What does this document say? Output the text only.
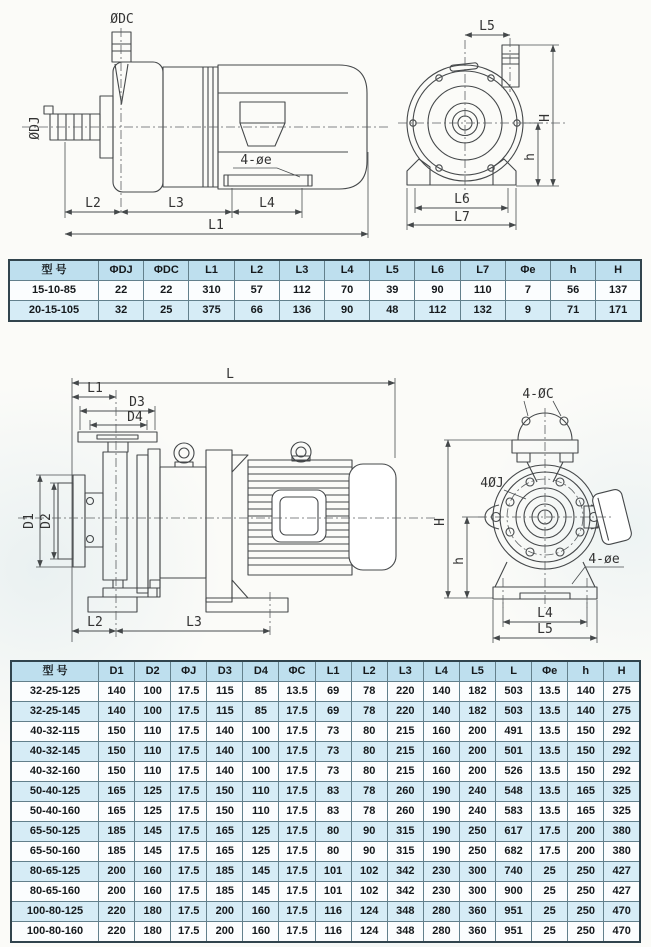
ØDC
ØDJ
4-øe
L2	L3	L4
L1
L5
H
h
L6
L7
型 号	ΦDJ	ΦDC	L1	L2	L3	L4	L5	L6	L7	Φe	h	H
15-10-85	22	22	310	57	112	70	39	90	110	7	56	137
20-15-105	32	25	375	66	136	90	48	112	132	9	71	171
L
L1
D3
D4
D1 D2
L2	L3
4-ØC
4ØJ
4-øe
H
h
L4
L5
型 号	D1	D2	ΦJ	D3	D4	ΦC	L1	L2	L3	L4	L5	L	Φe	h	H
32-25-125	140	100	17.5	115	85	13.5	69	78	220	140	182	503	13.5	140	275
32-25-145	140	100	17.5	115	85	17.5	69	78	220	140	182	503	13.5	140	275
40-32-115	150	110	17.5	140	100	17.5	73	80	215	160	200	491	13.5	150	292
40-32-145	150	110	17.5	140	100	17.5	73	80	215	160	200	501	13.5	150	292
40-32-160	150	110	17.5	140	100	17.5	73	80	215	160	200	526	13.5	150	292
50-40-125	165	125	17.5	150	110	17.5	83	78	260	190	240	548	13.5	165	325
50-40-160	165	125	17.5	150	110	17.5	83	78	260	190	240	583	13.5	165	325
65-50-125	185	145	17.5	165	125	17.5	80	90	315	190	250	617	17.5	200	380
65-50-160	185	145	17.5	165	125	17.5	80	90	315	190	250	682	17.5	200	380
80-65-125	200	160	17.5	185	145	17.5	101	102	342	230	300	740	25	250	427
80-65-160	200	160	17.5	185	145	17.5	101	102	342	230	300	900	25	250	427
100-80-125	220	180	17.5	200	160	17.5	116	124	348	280	360	951	25	250	470
100-80-160	220	180	17.5	200	160	17.5	116	124	348	280	360	951	25	250	470
